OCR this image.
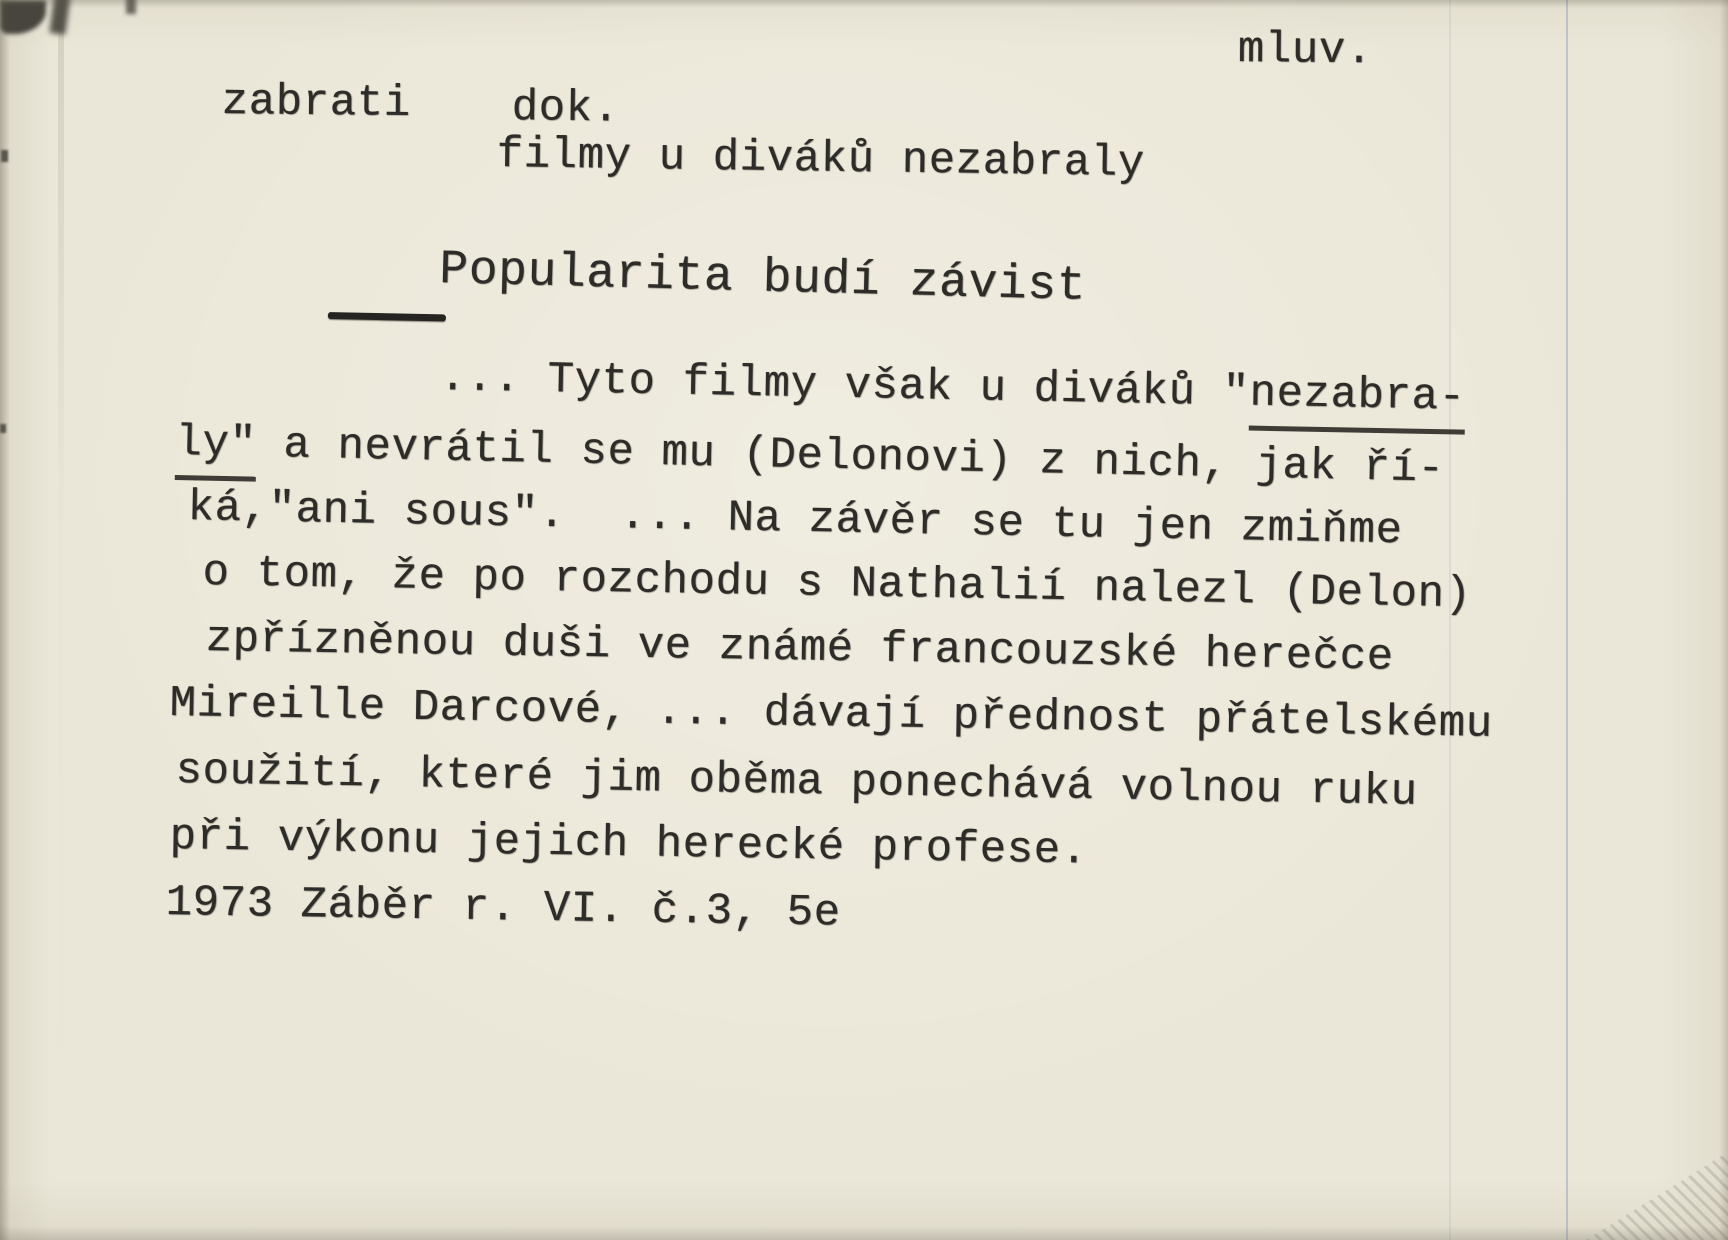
mluv.
zabrati dok.
filmy u diváků nezabraly
Popularita budí závist
... Tyto filmy však u diváků "nezabra-
ly" a nevrátil se mu (Delonovi) z nich, jak ří-
ká,"ani sous".  ... Na závěr se tu jen zmiňme
o tom, že po rozchodu s Nathalií nalezl (Delon)
zpřízněnou duši ve známé francouzské herečce
Mireille Darcové, ... dávají přednost přátelskému
soužití, které jim oběma ponechává volnou ruku
při výkonu jejich herecké profese.
1973 Záběr r. VI. č.3, 5e
